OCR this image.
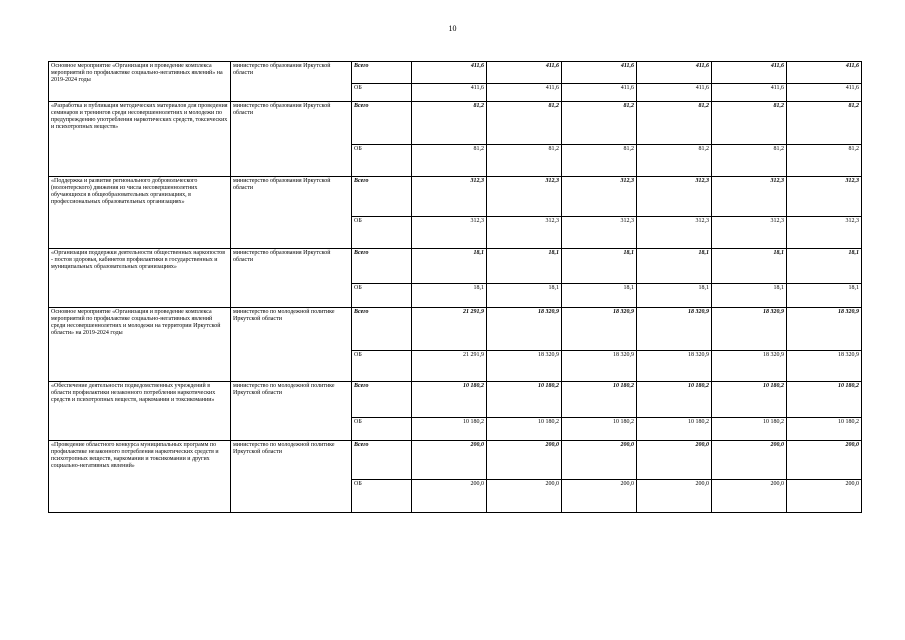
10
Основное мероприятие «Организация и проведение комплекса мероприятий по профилактике социально-негативных явлений» на 2019-2024 годы	министерство образования Иркутской области	Всего	411,6	411,6	411,6	411,6	411,6	411,6
		ОБ	411,6	411,6	411,6	411,6	411,6	411,6
«Разработка и публикация методических материалов для проведения семинаров и тренингов среди несовершеннолетних и молодежи по предупреждению употребления наркотических средств, токсических и психотропных веществ»	министерство образования Иркутской области	Всего	81,2	81,2	81,2	81,2	81,2	81,2
		ОБ	81,2	81,2	81,2	81,2	81,2	81,2
«Поддержка и развитие регионального добровольческого (волонтерского) движения из числа несовершеннолетних обучающихся в общеобразовательных организациях, в профессиональных образовательных организациях»	министерство образования Иркутской области	Всего	312,3	312,3	312,3	312,3	312,3	312,3
		ОБ	312,3	312,3	312,3	312,3	312,3	312,3
«Организация поддержки деятельности общественных наркопостов - постов здоровья, кабинетов профилактики в государственных и муниципальных образовательных организациях»	министерство образования Иркутской области	Всего	18,1	18,1	18,1	18,1	18,1	18,1
		ОБ	18,1	18,1	18,1	18,1	18,1	18,1
Основное мероприятие «Организация и проведение комплекса мероприятий по профилактике социально-негативных явлений среди несовершеннолетних и молодежи на территории Иркутской области» на 2019-2024 годы	министерство по молодежной политике Иркутской области	Всего	21 291,9	18 320,9	18 320,9	18 320,9	18 320,9	18 320,9
		ОБ	21 291,9	18 320,9	18 320,9	18 320,9	18 320,9	18 320,9
«Обеспечение деятельности подведомственных учреждений в области профилактики незаконного потребления наркотических средств и психотропных веществ, наркомании и токсикомании»	министерство по молодежной политике Иркутской области	Всего	10 180,2	10 180,2	10 180,2	10 180,2	10 180,2	10 180,2
		ОБ	10 180,2	10 180,2	10 180,2	10 180,2	10 180,2	10 180,2
«Проведение областного конкурса муниципальных программ по профилактике незаконного потребления наркотических средств и психотропных веществ, наркомании и токсикомании и других социально-негативных явлений»	министерство по молодежной политике Иркутской области	Всего	200,0	200,0	200,0	200,0	200,0	200,0
		ОБ	200,0	200,0	200,0	200,0	200,0	200,0
